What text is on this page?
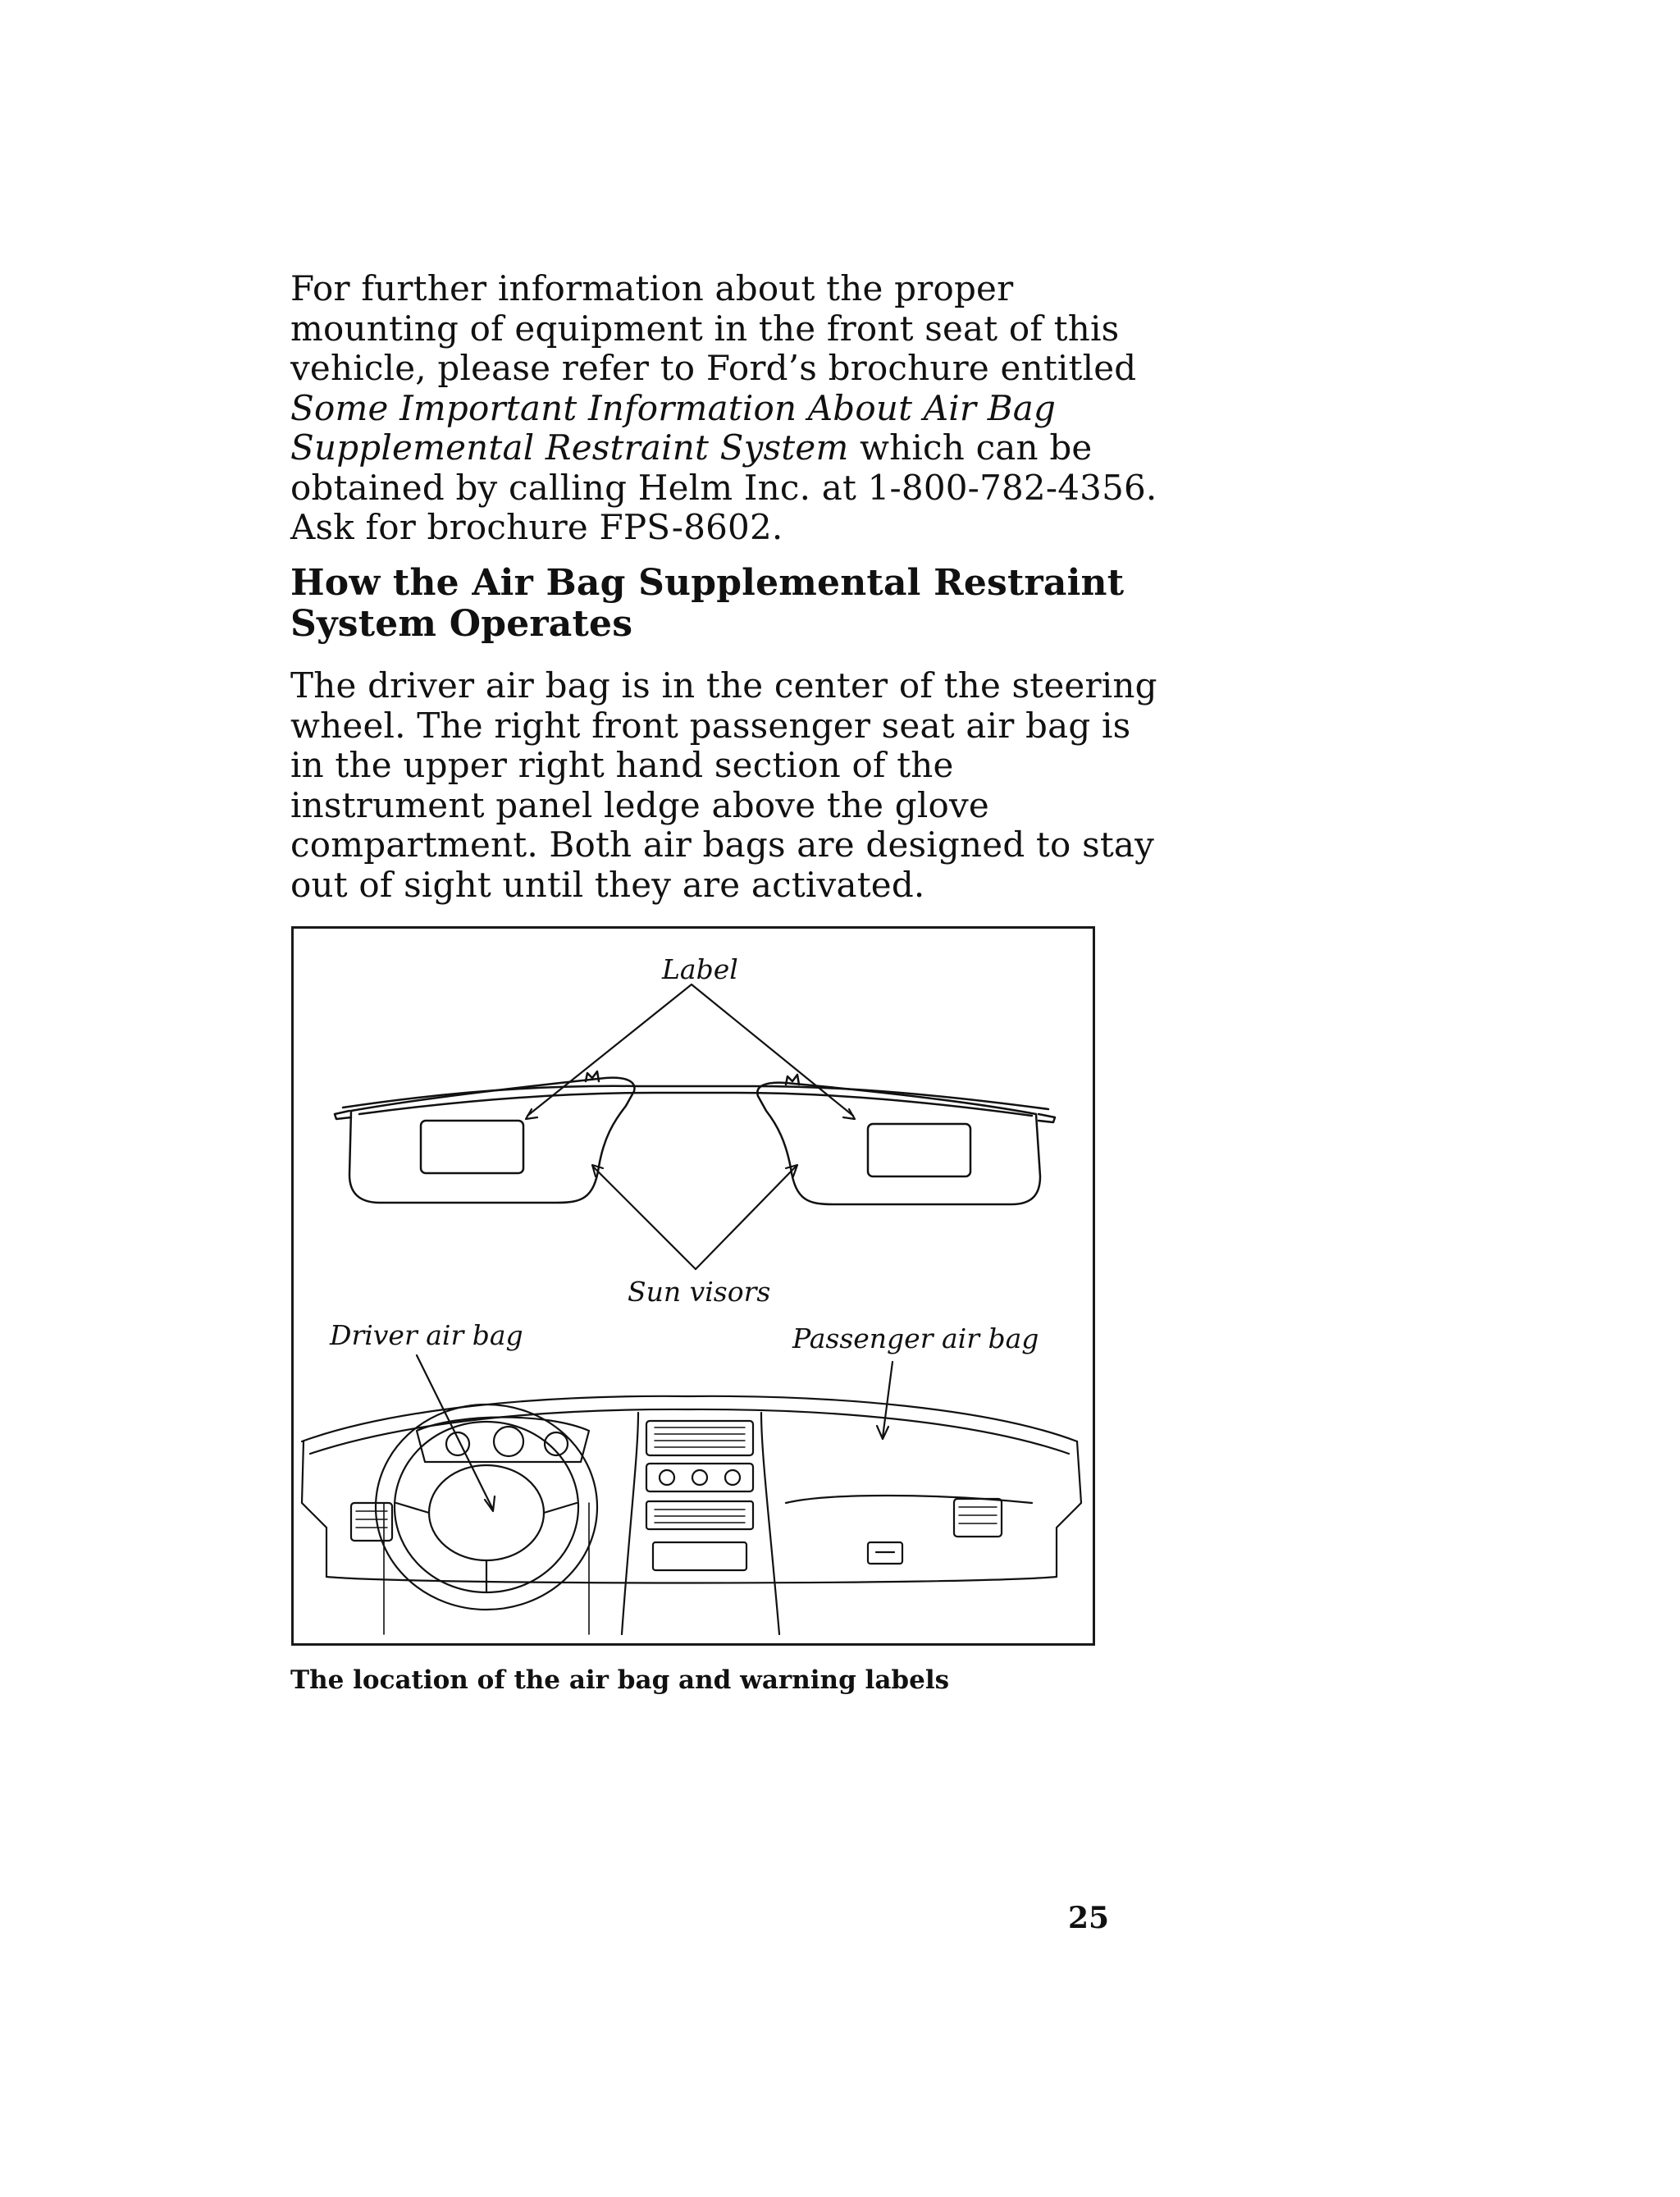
For further information about the proper
mounting of equipment in the front seat of this
vehicle, please refer to Ford’s brochure entitled
Some Important Information About Air Bag
Supplemental Restraint System which can be
obtained by calling Helm Inc. at 1-800-782-4356.
Ask for brochure FPS-8602.
How the Air Bag Supplemental Restraint
System Operates
The driver air bag is in the center of the steering
wheel. The right front passenger seat air bag is
in the upper right hand section of the
instrument panel ledge above the glove
compartment. Both air bags are designed to stay
out of sight until they are activated.
Label
Sun visors
Driver air bag	Passenger air bag
The location of the air bag and warning labels
25
